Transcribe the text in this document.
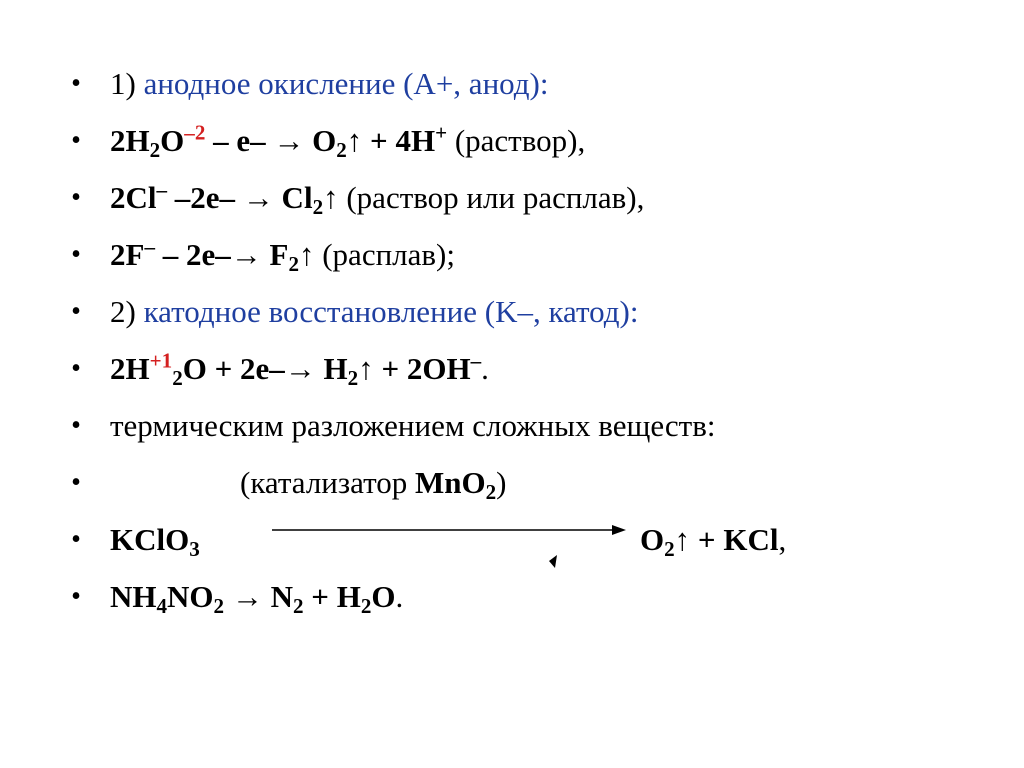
• 1) анодное окисление (А+, анод):
• $2H_2O^{-2} - e-$ → $O_2↑ + 4H^+$ (раствор),
• 2Cl– $-2e- \to Cl_2↑$ (раствор или расплав),
• $2F^- - 2e-\to F_2↑$ (расплав);
• 2) катодное восстановление (K–, катод):
• $2H^{+1}_2O + 2e-\to$ $H_2↑ + 2OH^-$.
• термическим разложением сложных веществ:
•	(катализатор MnO$_2$)
• KClO$_3$	$O_2↑$ + KCl,
• $NH_4NO_2 \to N_2 + H_2O$.
